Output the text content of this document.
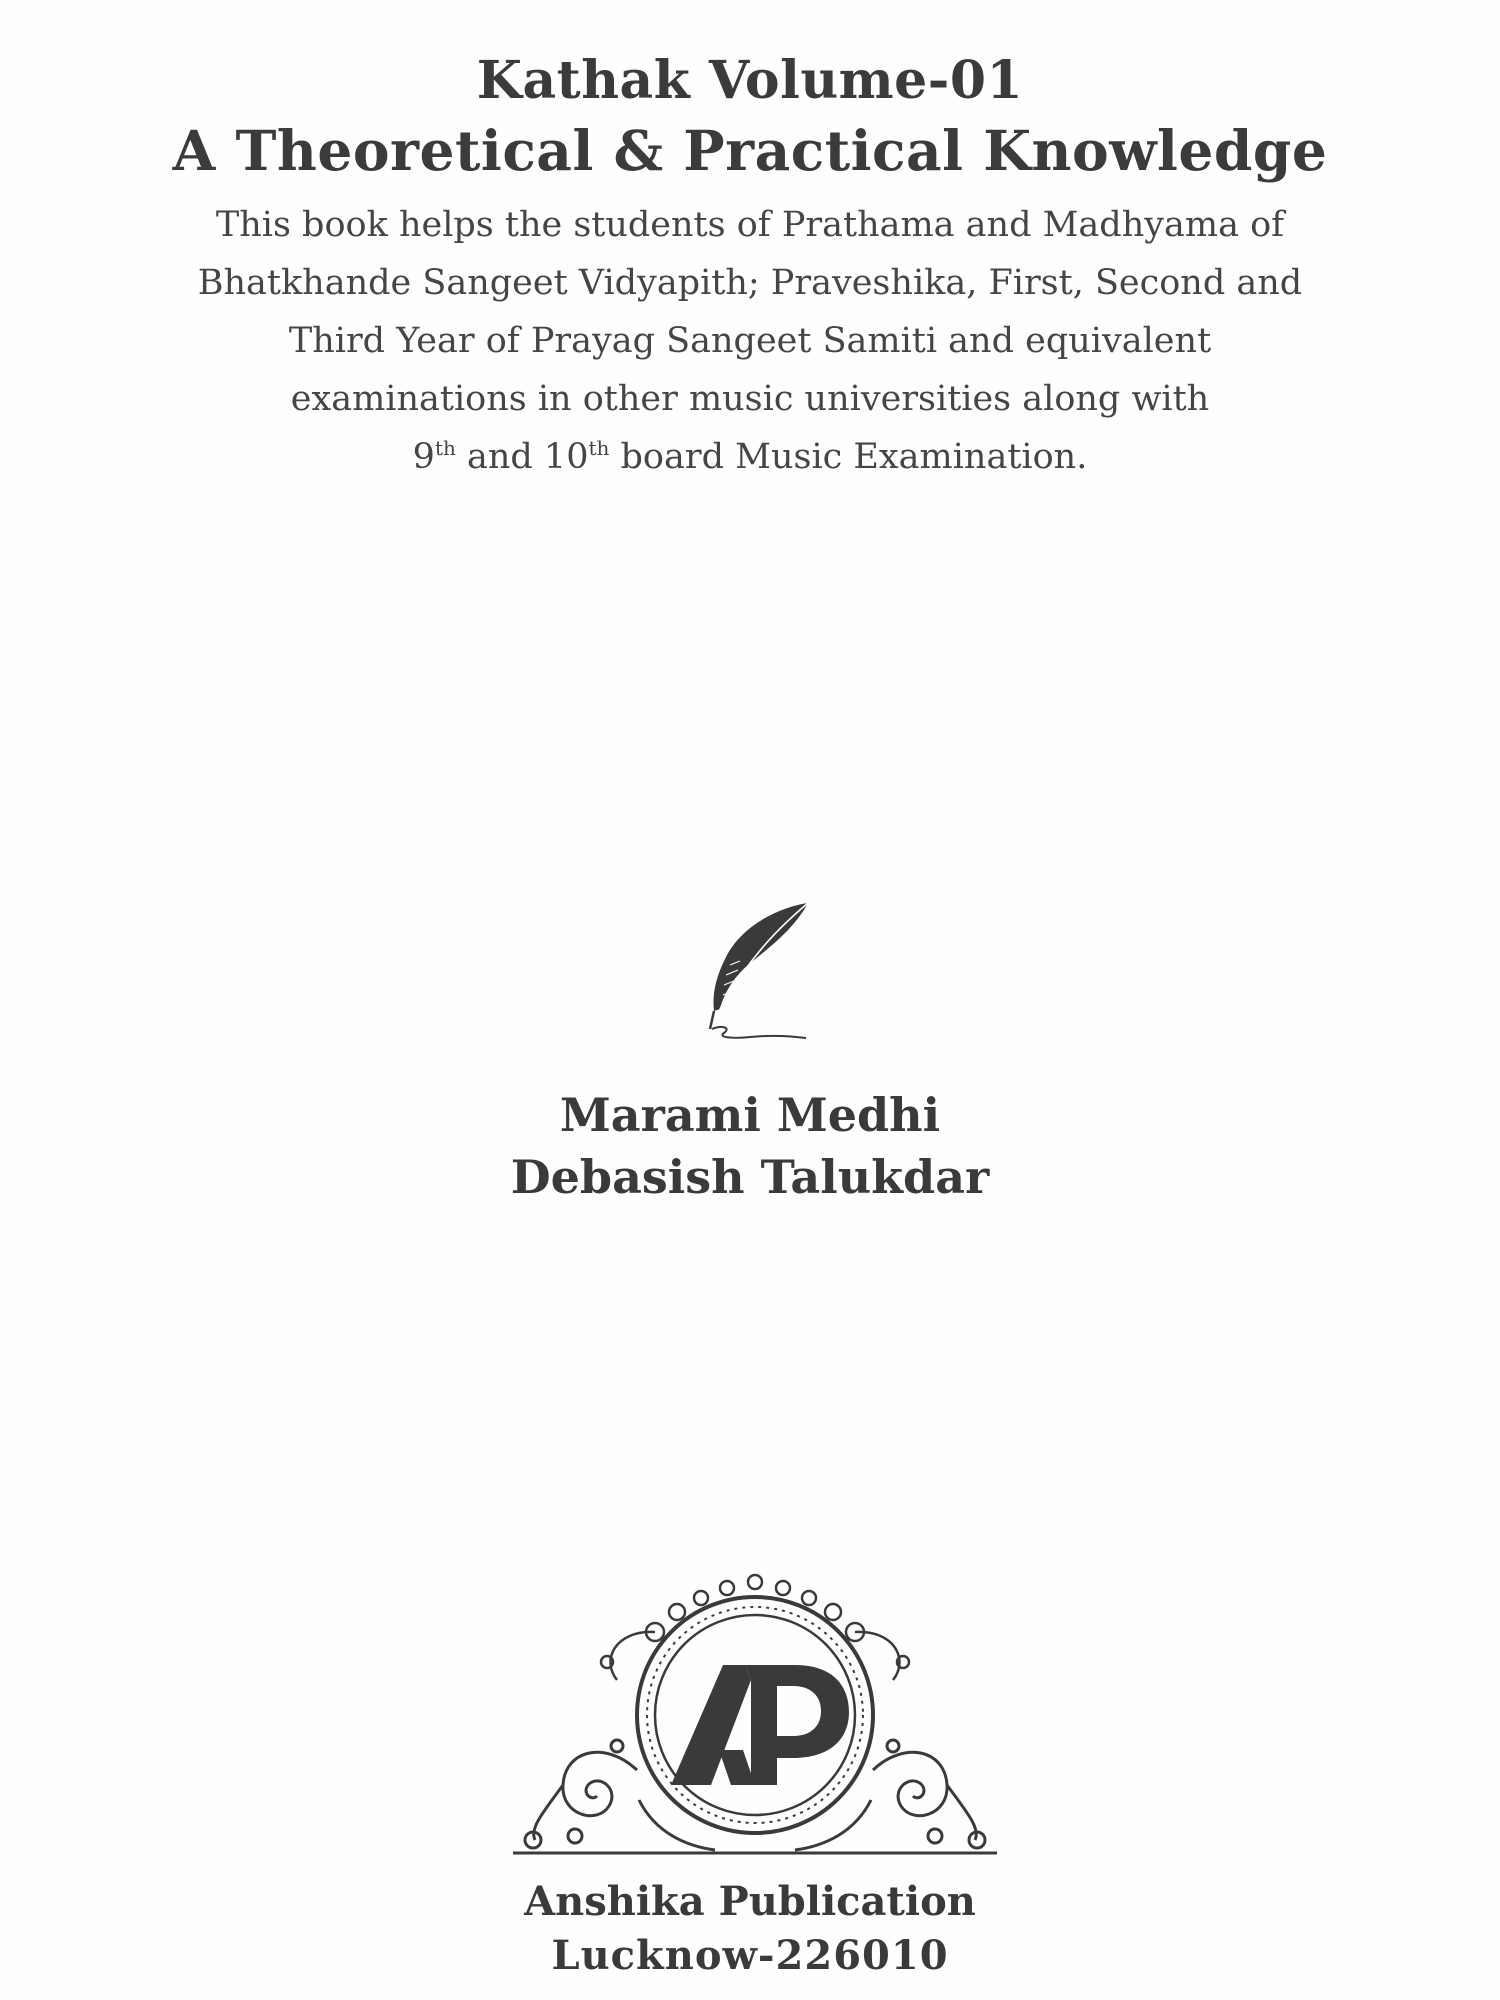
Kathak Volume-01
A Theoretical & Practical Knowledge
This book helps the students of Prathama and Madhyama of
Bhatkhande Sangeet Vidyapith; Praveshika, First, Second and
Third Year of Prayag Sangeet Samiti and equivalent
examinations in other music universities along with
9th and 10th board Music Examination.
Marami Medhi
Debasish Talukdar
Anshika Publication
Lucknow-226010
